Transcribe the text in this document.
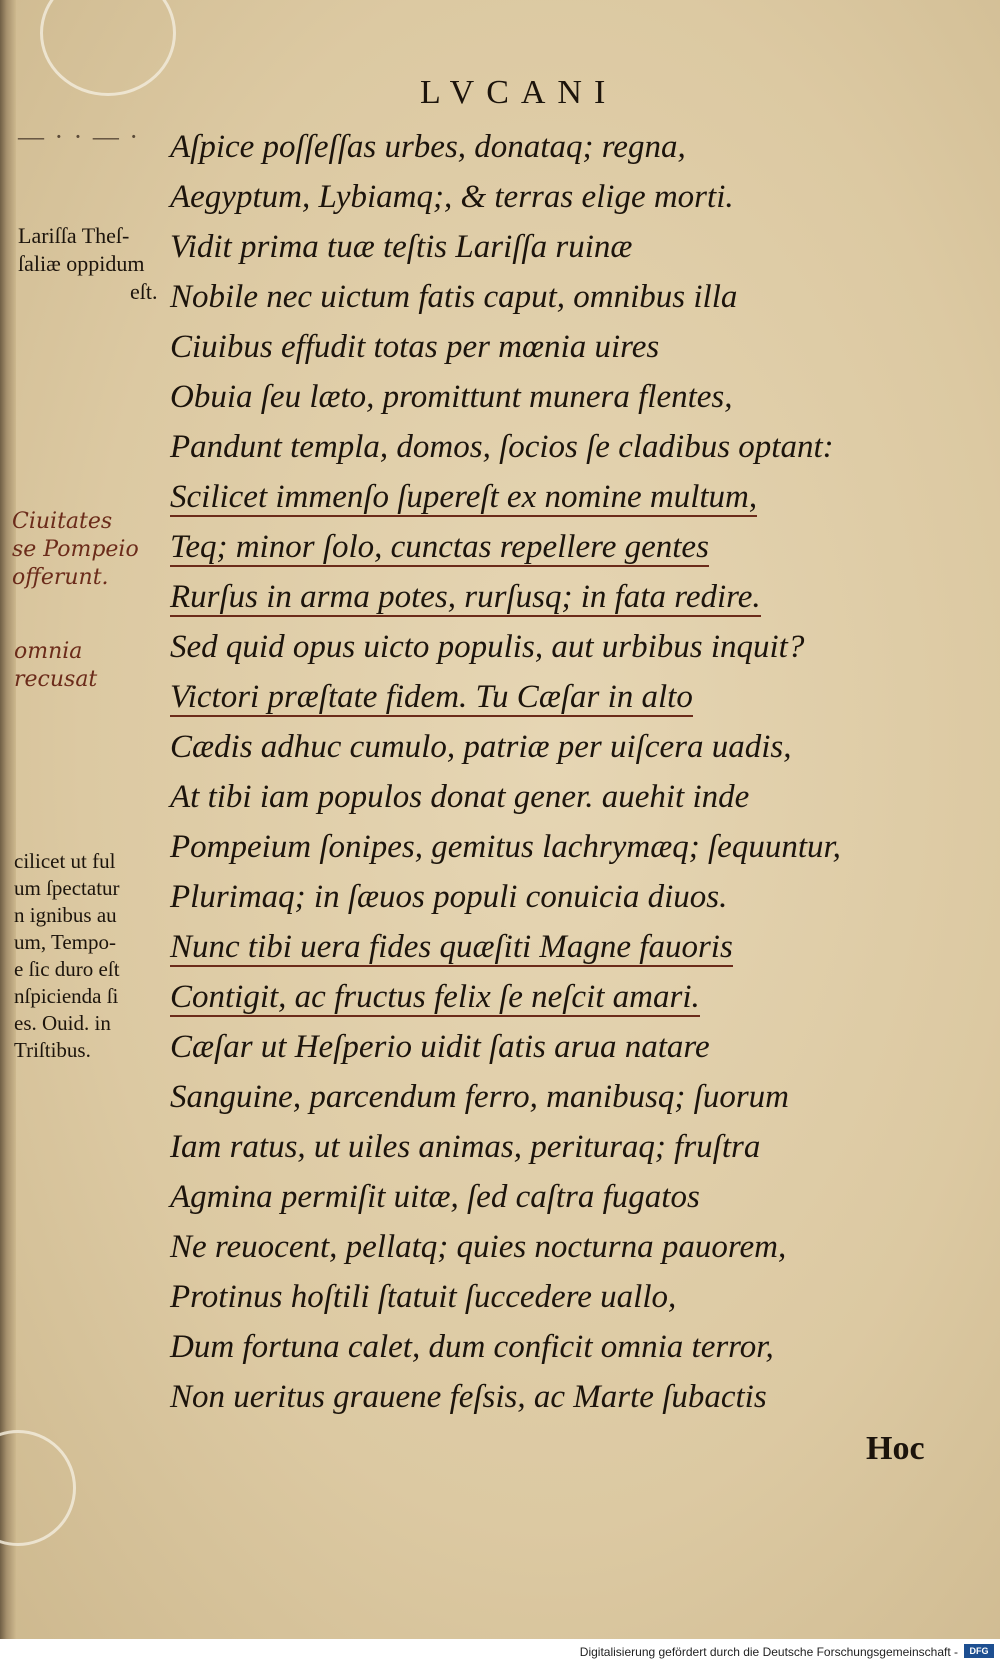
LVCANI
— · · — · Aſpice poſſeſſas urbes, donataq; regna,
Aegyptum, Lybiamq;, & terras elige morti.
Vidit prima tuæ teſtis Lariſſa ruinæ
Nobile nec uictum fatis caput, omnibus illa
Ciuibus effudit totas per mœnia uires
Obuia ſeu læto, promittunt munera flentes,
Pandunt templa, domos, ſocios ſe cladibus optant:
Scilicet immenſo ſupereſt ex nomine multum,
Teq; minor ſolo, cunctas repellere gentes
Rurſus in arma potes, rurſusq; in fata redire.
Sed quid opus uicto populis, aut urbibus inquit?
Victori præſtate fidem. Tu Cæſar in alto
Cædis adhuc cumulo, patriæ per uiſcera uadis,
At tibi iam populos donat gener. auehit inde
Pompeium ſonipes, gemitus lachrymæq; ſequuntur,
Plurimaq; in ſæuos populi conuicia diuos.
Nunc tibi uera fides quæſiti Magne fauoris
Contigit, ac fructus felix ſe neſcit amari.
Cæſar ut Heſperio uidit ſatis arua natare
Sanguine, parcendum ferro, manibusq; ſuorum
Iam ratus, ut uiles animas, perituraq; fruſtra
Agmina permiſit uitæ, ſed caſtra fugatos
Ne reuocent, pellatq; quies nocturna pauorem,
Protinus hoſtili ſtatuit ſuccedere uallo,
Dum fortuna calet, dum conficit omnia terror,
Non ueritus grauene feſsis, ac Marte ſubactis
Lariſſa Theſ-
ſaliæ oppidum
eſt.
cilicet ut ful
um ſpectatur
n ignibus au
um, Tempo-
e ſic duro eſt
nſpicienda ſi
es. Ouid. in
Triſtibus.
Ciuitates
se Pompeio
offerunt.
omnia
recusat
Hoc
Digitalisierung gefördert durch die Deutsche Forschungsgemeinschaft -	DFG
